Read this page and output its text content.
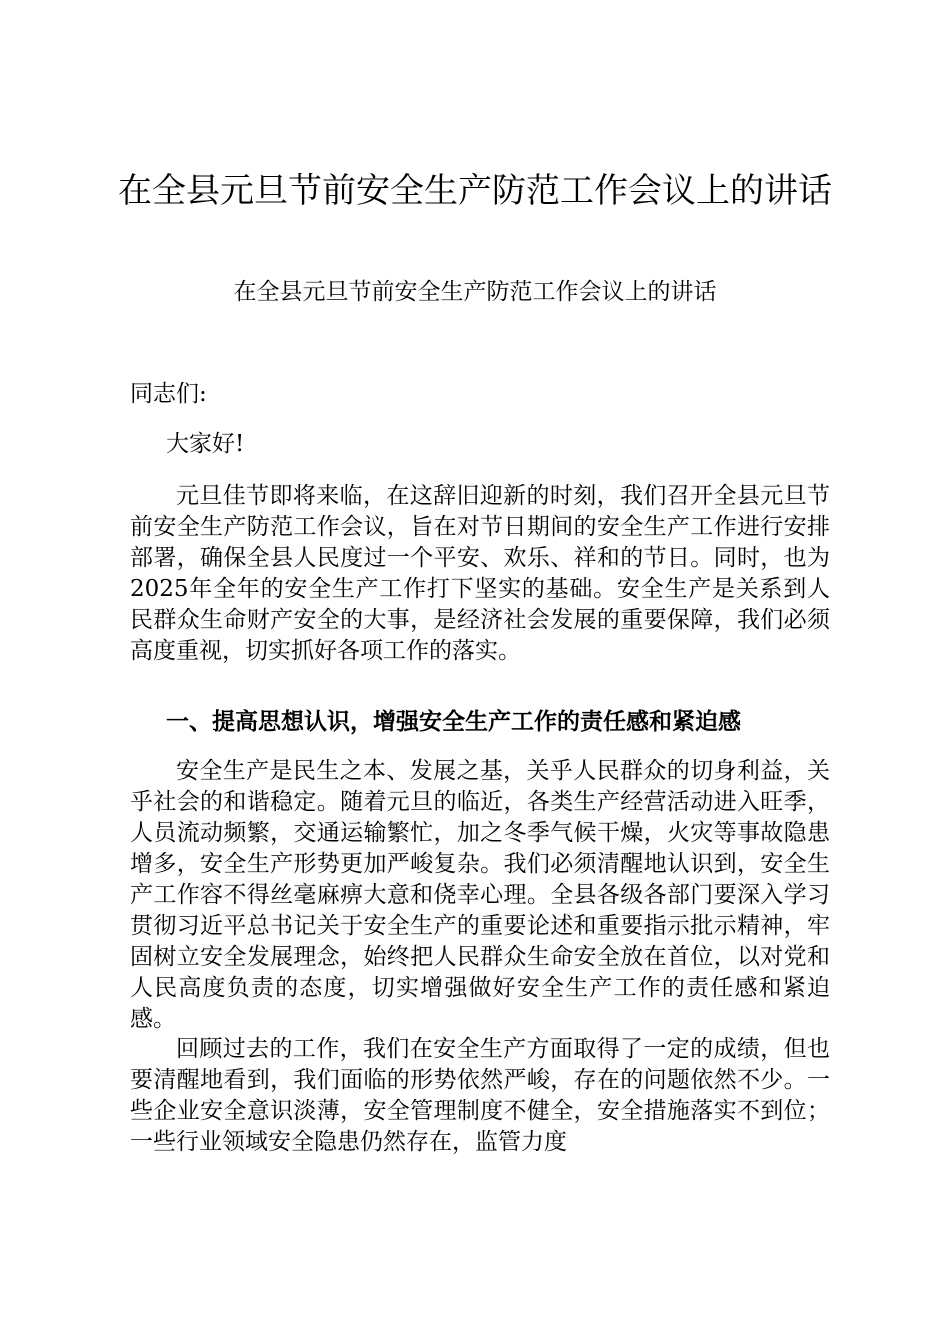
在全县元旦节前安全生产防范工作会议上的讲话

在全县元旦节前安全生产防范工作会议上的讲话

同志们:

大家好!

元旦佳节即将来临，在这辞旧迎新的时刻，我们召开全县元旦节前安全生产防范工作会议，旨在对节日期间的安全生产工作进行安排部署，确保全县人民度过一个平安、欢乐、祥和的节日。同时，也为2025年全年的安全生产工作打下坚实的基础。安全生产是关系到人民群众生命财产安全的大事，是经济社会发展的重要保障，我们必须高度重视，切实抓好各项工作的落实。

一、提高思想认识，增强安全生产工作的责任感和紧迫感

安全生产是民生之本、发展之基，关乎人民群众的切身利益，关乎社会的和谐稳定。随着元旦的临近，各类生产经营活动进入旺季，人员流动频繁，交通运输繁忙，加之冬季气候干燥，火灾等事故隐患增多，安全生产形势更加严峻复杂。我们必须清醒地认识到，安全生产工作容不得丝毫麻痹大意和侥幸心理。全县各级各部门要深入学习贯彻习近平总书记关于安全生产的重要论述和重要指示批示精神，牢固树立安全发展理念，始终把人民群众生命安全放在首位，以对党和人民高度负责的态度，切实增强做好安全生产工作的责任感和紧迫感。

回顾过去的工作，我们在安全生产方面取得了一定的成绩，但也要清醒地看到，我们面临的形势依然严峻，存在的问题依然不少。一些企业安全意识淡薄，安全管理制度不健全，安全措施落实不到位；一些行业领域安全隐患仍然存在，监管力度
